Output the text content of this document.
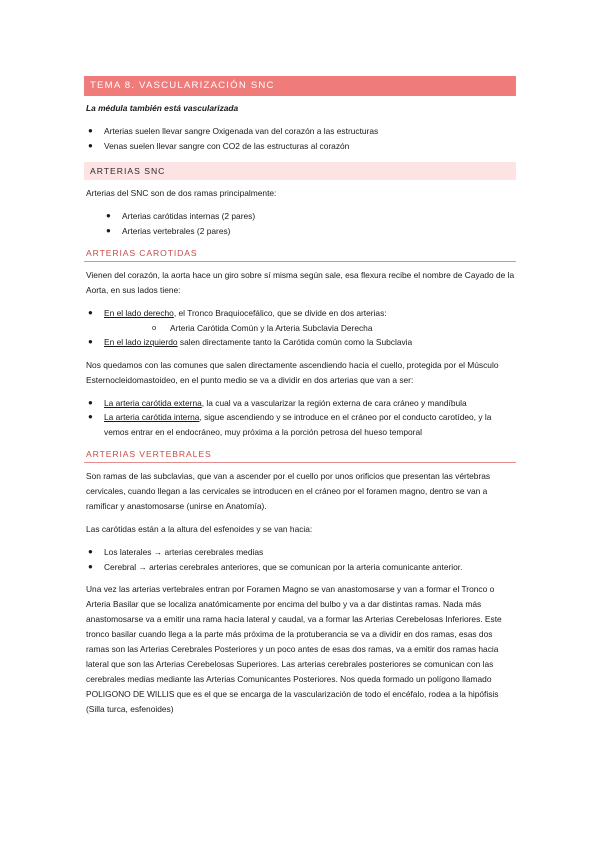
TEMA 8. VASCULARIZACIÓN SNC

La médula también está vascularizada

● Arterias suelen llevar sangre Oxigenada van del corazón a las estructuras
● Venas suelen llevar sangre con CO2 de las estructuras al corazón
ARTERIAS SNC

Arterias del SNC son de dos ramas principalmente:

● Arterias carótidas internas (2 pares)
● Arterias vertebrales (2 pares)
ARTERIAS CAROTIDAS

Vienen del corazón, la aorta hace un giro sobre sí misma según sale, esa flexura recibe el nombre de Cayado de la Aorta, en sus lados tiene:

● En el lado derecho, el Tronco Braquiocefálico, que se divide en dos arterias:
o Arteria Carótida Común y la Arteria Subclavia Derecha
● En el lado izquierdo salen directamente tanto la Carótida común como la Subclavia

Nos quedamos con las comunes que salen directamente ascendiendo hacia el cuello, protegida por el Músculo Esternocleidomastoideo, en el punto medio se va a dividir en dos arterias que van a ser:

● La arteria carótida externa, la cual va a vascularizar la región externa de cara cráneo y mandíbula
● La arteria carótida interna, sigue ascendiendo y se introduce en el cráneo por el conducto carotídeo, y la vemos entrar en el endocráneo, muy próxima a la porción petrosa del hueso temporal
ARTERIAS VERTEBRALES

Son ramas de las subclavias, que van a ascender por el cuello por unos orificios que presentan las vértebras cervicales, cuando llegan a las cervicales se introducen en el cráneo por el foramen magno, dentro se van a ramificar y anastomosarse (unirse en Anatomía).

Las carótidas están a la altura del esfenoides y se van hacia:

● Los laterales → arterias cerebrales medias
● Cerebral → arterias cerebrales anteriores, que se comunican por la arteria comunicante anterior.

Una vez las arterias vertebrales entran por Foramen Magno se van anastomosarse y van a formar el Tronco o Arteria Basilar que se localiza anatómicamente por encima del bulbo y va a dar distintas ramas. Nada más anastomosarse va a emitir una rama hacia lateral y caudal, va a formar las Arterias Cerebelosas Inferiores. Este tronco basilar cuando llega a la parte más próxima de la protuberancia se va a dividir en dos ramas, esas dos ramas son las Arterias Cerebrales Posteriores y un poco antes de esas dos ramas, va a emitir dos ramas hacia lateral que son las Arterias Cerebelosas Superiores. Las arterias cerebrales posteriores se comunican con las cerebrales medias mediante las Arterias Comunicantes Posteriores. Nos queda formado un polígono llamado POLIGONO DE WILLIS que es el que se encarga de la vascularización de todo el encéfalo, rodea a la hipófisis (Silla turca, esfenoides)
